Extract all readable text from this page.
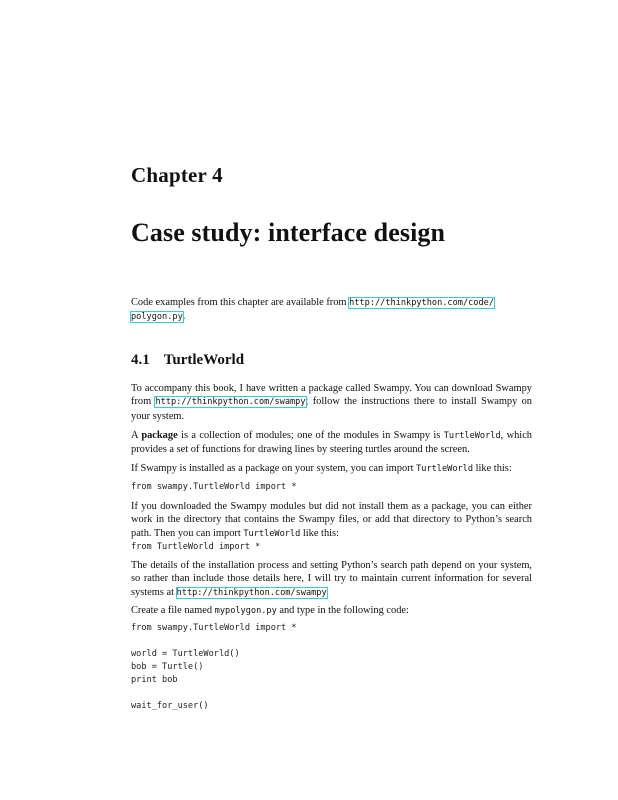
Chapter 4
Case study: interface design
Code examples from this chapter are available from http://thinkpython.com/code/
polygon.py.
4.1 TurtleWorld
To accompany this book, I have written a package called Swampy. You can download Swampy from http://thinkpython.com/swampy; follow the instructions there to install Swampy on your system.
A package is a collection of modules; one of the modules in Swampy is TurtleWorld, which provides a set of functions for drawing lines by steering turtles around the screen.
If Swampy is installed as a package on your system, you can import TurtleWorld like this:
from swampy.TurtleWorld import *
If you downloaded the Swampy modules but did not install them as a package, you can either work in the directory that contains the Swampy files, or add that directory to Python’s search path. Then you can import TurtleWorld like this:
from TurtleWorld import *
The details of the installation process and setting Python’s search path depend on your system, so rather than include those details here, I will try to maintain current information for several systems at http://thinkpython.com/swampy
Create a file named mypolygon.py and type in the following code:
from swampy.TurtleWorld import *

world = TurtleWorld()
bob = Turtle()
print bob

wait_for_user()
